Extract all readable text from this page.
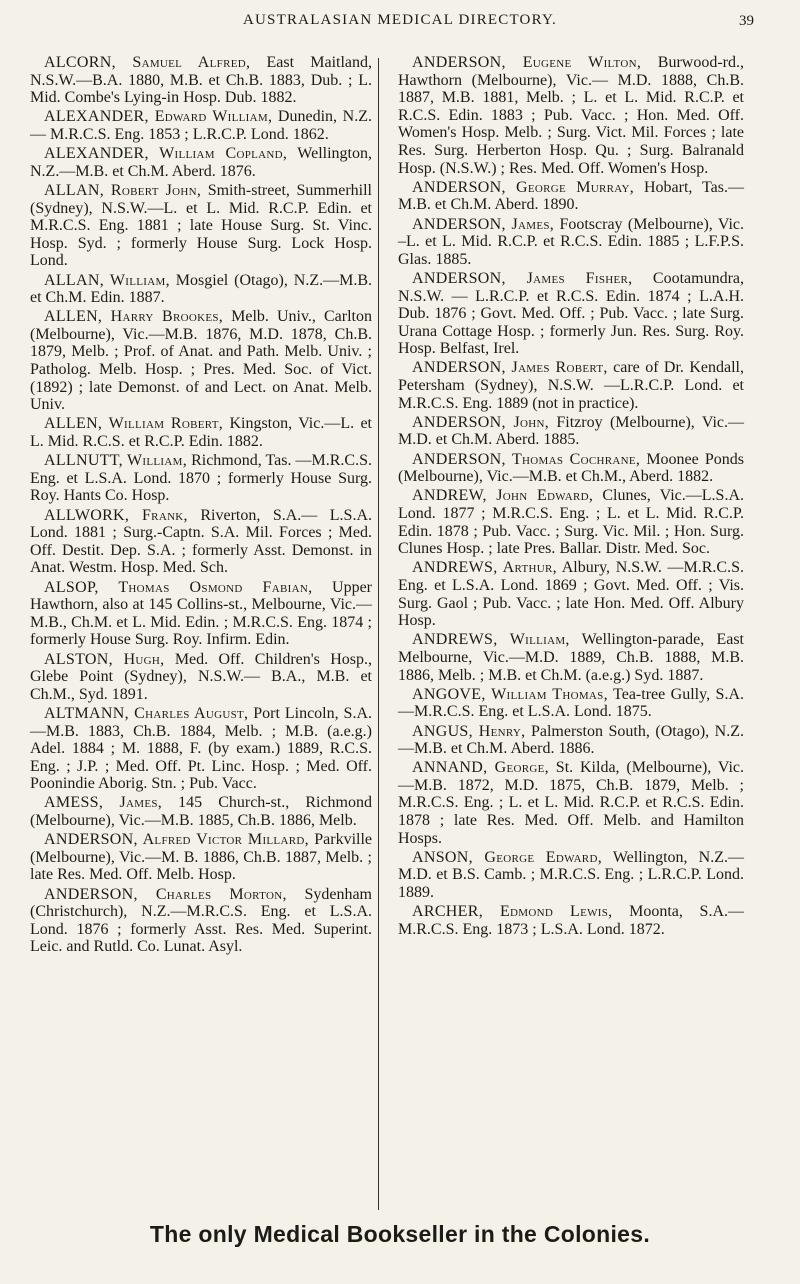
AUSTRALASIAN MEDICAL DIRECTORY.	39

ALCORN, Samuel Alfred, East Maitland, N.S.W.—B.A. 1880, M.B. et Ch.B. 1883, Dub. ; L. Mid. Combe's Lying-in Hosp. Dub. 1882.

ALEXANDER, Edward William, Dunedin, N.Z. — M.R.C.S. Eng. 1853 ; L.R.C.P. Lond. 1862.

ALEXANDER, William Copland, Wellington, N.Z.—M.B. et Ch.M. Aberd. 1876.

ALLAN, Robert John, Smith-street, Summerhill (Sydney), N.S.W.—L. et L. Mid. R.C.P. Edin. et M.R.C.S. Eng. 1881 ; late House Surg. St. Vinc. Hosp. Syd. ; formerly House Surg. Lock Hosp. Lond.

ALLAN, William, Mosgiel (Otago), N.Z.—M.B. et Ch.M. Edin. 1887.

ALLEN, Harry Brookes, Melb. Univ., Carlton (Melbourne), Vic.—M.B. 1876, M.D. 1878, Ch.B. 1879, Melb. ; Prof. of Anat. and Path. Melb. Univ. ; Patholog. Melb. Hosp. ; Pres. Med. Soc. of Vict. (1892) ; late Demonst. of and Lect. on Anat. Melb. Univ.

ALLEN, William Robert, Kingston, Vic.—L. et L. Mid. R.C.S. et R.C.P. Edin. 1882.

ALLNUTT, William, Richmond, Tas. —M.R.C.S. Eng. et L.S.A. Lond. 1870 ; formerly House Surg. Roy. Hants Co. Hosp.

ALLWORK, Frank, Riverton, S.A.— L.S.A. Lond. 1881 ; Surg.-Captn. S.A. Mil. Forces ; Med. Off. Destit. Dep. S.A. ; formerly Asst. Demonst. in Anat. Westm. Hosp. Med. Sch.

ALSOP, Thomas Osmond Fabian, Upper Hawthorn, also at 145 Collins-st., Melbourne, Vic.—M.B., Ch.M. et L. Mid. Edin. ; M.R.C.S. Eng. 1874 ; formerly House Surg. Roy. Infirm. Edin.

ALSTON, Hugh, Med. Off. Children's Hosp., Glebe Point (Sydney), N.S.W.— B.A., M.B. et Ch.M., Syd. 1891.

ALTMANN, Charles August, Port Lincoln, S.A.—M.B. 1883, Ch.B. 1884, Melb. ; M.B. (a.e.g.) Adel. 1884 ; M. 1888, F. (by exam.) 1889, R.C.S. Eng. ; J.P. ; Med. Off. Pt. Linc. Hosp. ; Med. Off. Poonindie Aborig. Stn. ; Pub. Vacc.

AMESS, James, 145 Church-st., Richmond (Melbourne), Vic.—M.B. 1885, Ch.B. 1886, Melb.

ANDERSON, Alfred Victor Millard, Parkville (Melbourne), Vic.—M. B. 1886, Ch.B. 1887, Melb. ; late Res. Med. Off. Melb. Hosp.

ANDERSON, Charles Morton, Sydenham (Christchurch), N.Z.—M.R.C.S. Eng. et L.S.A. Lond. 1876 ; formerly Asst. Res. Med. Superint. Leic. and Rutld. Co. Lunat. Asyl.

ANDERSON, Eugene Wilton, Burwood-rd., Hawthorn (Melbourne), Vic.— M.D. 1888, Ch.B. 1887, M.B. 1881, Melb. ; L. et L. Mid. R.C.P. et R.C.S. Edin. 1883 ; Pub. Vacc. ; Hon. Med. Off. Women's Hosp. Melb. ; Surg. Vict. Mil. Forces ; late Res. Surg. Herberton Hosp. Qu. ; Surg. Balranald Hosp. (N.S.W.) ; Res. Med. Off. Women's Hosp.

ANDERSON, George Murray, Hobart, Tas.—M.B. et Ch.M. Aberd. 1890.

ANDERSON, James, Footscray (Melbourne), Vic. –L. et L. Mid. R.C.P. et R.C.S. Edin. 1885 ; L.F.P.S. Glas. 1885.

ANDERSON, James Fisher, Cootamundra, N.S.W. — L.R.C.P. et R.C.S. Edin. 1874 ; L.A.H. Dub. 1876 ; Govt. Med. Off. ; Pub. Vacc. ; late Surg. Urana Cottage Hosp. ; formerly Jun. Res. Surg. Roy. Hosp. Belfast, Irel.

ANDERSON, James Robert, care of Dr. Kendall, Petersham (Sydney), N.S.W. —L.R.C.P. Lond. et M.R.C.S. Eng. 1889 (not in practice).

ANDERSON, John, Fitzroy (Melbourne), Vic.—M.D. et Ch.M. Aberd. 1885.

ANDERSON, Thomas Cochrane, Moonee Ponds (Melbourne), Vic.—M.B. et Ch.M., Aberd. 1882.

ANDREW, John Edward, Clunes, Vic.—L.S.A. Lond. 1877 ; M.R.C.S. Eng. ; L. et L. Mid. R.C.P. Edin. 1878 ; Pub. Vacc. ; Surg. Vic. Mil. ; Hon. Surg. Clunes Hosp. ; late Pres. Ballar. Distr. Med. Soc.

ANDREWS, Arthur, Albury, N.S.W. —M.R.C.S. Eng. et L.S.A. Lond. 1869 ; Govt. Med. Off. ; Vis. Surg. Gaol ; Pub. Vacc. ; late Hon. Med. Off. Albury Hosp.

ANDREWS, William, Wellington-parade, East Melbourne, Vic.—M.D. 1889, Ch.B. 1888, M.B. 1886, Melb. ; M.B. et Ch.M. (a.e.g.) Syd. 1887.

ANGOVE, William Thomas, Tea-tree Gully, S.A.—M.R.C.S. Eng. et L.S.A. Lond. 1875.

ANGUS, Henry, Palmerston South, (Otago), N.Z.—M.B. et Ch.M. Aberd. 1886.

ANNAND, George, St. Kilda, (Melbourne), Vic.—M.B. 1872, M.D. 1875, Ch.B. 1879, Melb. ; M.R.C.S. Eng. ; L. et L. Mid. R.C.P. et R.C.S. Edin. 1878 ; late Res. Med. Off. Melb. and Hamilton Hosps.

ANSON, George Edward, Wellington, N.Z.—M.D. et B.S. Camb. ; M.R.C.S. Eng. ; L.R.C.P. Lond. 1889.

ARCHER, Edmond Lewis, Moonta, S.A.—M.R.C.S. Eng. 1873 ; L.S.A. Lond. 1872.

The only Medical Bookseller in the Colonies.
